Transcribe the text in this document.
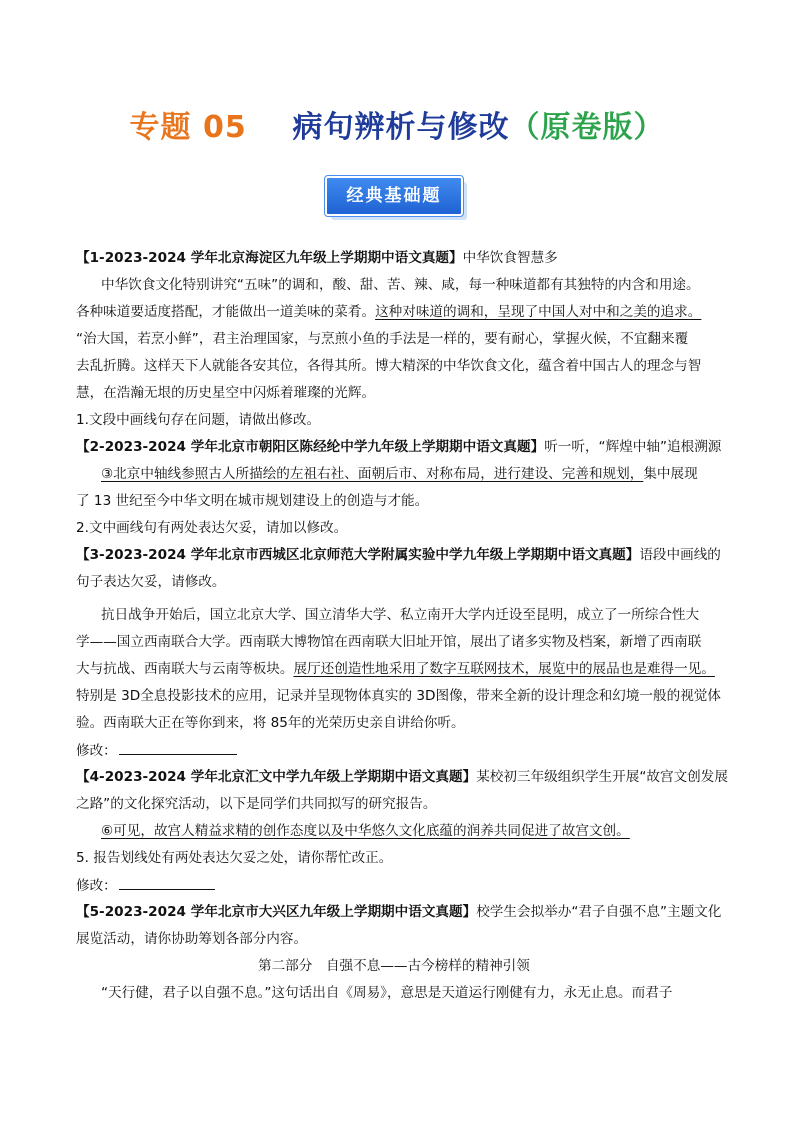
专题 05 病句辨析与修改（原卷版）
经典基础题
【1-2023-2024 学年北京海淀区九年级上学期期中语文真题】中华饮食智慧多
中华饮食文化特别讲究“五味”的调和，酸、甜、苦、辣、咸，每一种味道都有其独特的内含和用途。
各种味道要适度搭配，才能做出一道美味的菜肴。这种对味道的调和，呈现了中国人对中和之美的追求。
“治大国，若烹小鲜”，君主治理国家，与烹煎小鱼的手法是一样的，要有耐心，掌握火候，不宜翻来覆
去乱折腾。这样天下人就能各安其位，各得其所。博大精深的中华饮食文化，蕴含着中国古人的理念与智
慧，在浩瀚无垠的历史星空中闪烁着璀璨的光辉。
1.文段中画线句存在问题，请做出修改。
【2-2023-2024 学年北京市朝阳区陈经纶中学九年级上学期期中语文真题】听一听，“辉煌中轴”追根溯源
③北京中轴线参照古人所描绘的左祖右社、面朝后市、对称布局，进行建设、完善和规划，集中展现
了 13 世纪至今中华文明在城市规划建设上的创造与才能。
2.文中画线句有两处表达欠妥，请加以修改。
【3-2023-2024 学年北京市西城区北京师范大学附属实验中学九年级上学期期中语文真题】语段中画线的
句子表达欠妥，请修改。
抗日战争开始后，国立北京大学、国立清华大学、私立南开大学内迁设至昆明，成立了一所综合性大
学——国立西南联合大学。西南联大博物馆在西南联大旧址开馆，展出了诸多实物及档案，新增了西南联
大与抗战、西南联大与云南等板块。展厅还创造性地采用了数字互联网技术，展览中的展品也是难得一见。
特别是 3D全息投影技术的应用，记录并呈现物体真实的 3D图像，带来全新的设计理念和幻境一般的视觉体
验。西南联大正在等你到来，将 85年的光荣历史亲自讲给你听。
修改：
【4-2023-2024 学年北京汇文中学九年级上学期期中语文真题】某校初三年级组织学生开展“故宫文创发展
之路”的文化探究活动，以下是同学们共同拟写的研究报告。
⑥可见，故宫人精益求精的创作态度以及中华悠久文化底蕴的润养共同促进了故宫文创。
5. 报告划线处有两处表达欠妥之处，请你帮忙改正。
修改：
【5-2023-2024 学年北京市大兴区九年级上学期期中语文真题】校学生会拟举办“君子自强不息”主题文化
展览活动，请你协助筹划各部分内容。
第二部分　自强不息——古今榜样的精神引领
“天行健，君子以自强不息。”这句话出自《周易》，意思是天道运行刚健有力，永无止息。而君子
